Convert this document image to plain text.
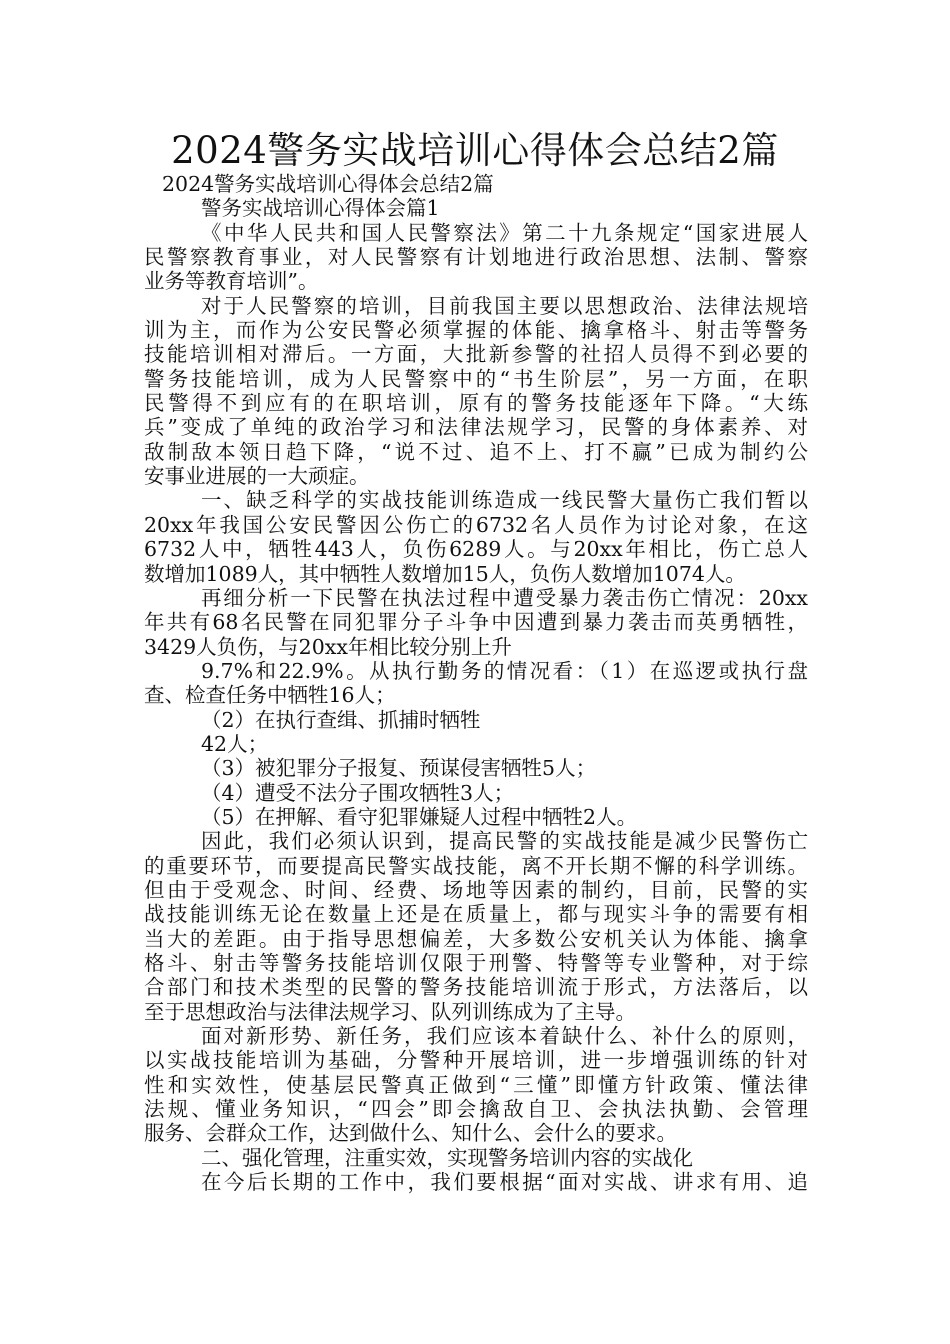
2024警务实战培训心得体会总结2篇
2024警务实战培训心得体会总结2篇
警务实战培训心得体会篇1
《中华人民共和国人民警察法》第二十九条规定“国家进展人
民警察教育事业，对人民警察有计划地进行政治思想、法制、警察
业务等教育培训”。
对于人民警察的培训，目前我国主要以思想政治、法律法规培
训为主，而作为公安民警必须掌握的体能、擒拿格斗、射击等警务
技能培训相对滞后。一方面，大批新参警的社招人员得不到必要的
警务技能培训，成为人民警察中的“书生阶层”，另一方面，在职
民警得不到应有的在职培训，原有的警务技能逐年下降。“大练
兵”变成了单纯的政治学习和法律法规学习，民警的身体素养、对
敌制敌本领日趋下降，“说不过、追不上、打不赢”已成为制约公
安事业进展的一大顽症。
一、缺乏科学的实战技能训练造成一线民警大量伤亡我们暂以
20xx年我国公安民警因公伤亡的6732名人员作为讨论对象，在这
6732人中，牺牲443人，负伤6289人。与20xx年相比，伤亡总人
数增加1089人，其中牺牲人数增加15人，负伤人数增加1074人。
再细分析一下民警在执法过程中遭受暴力袭击伤亡情况：20xx
年共有68名民警在同犯罪分子斗争中因遭到暴力袭击而英勇牺牲，
3429人负伤，与20xx年相比较分别上升
9.7%和22.9%。从执行勤务的情况看：（1）在巡逻或执行盘
查、检查任务中牺牲16人；
（2）在执行查缉、抓捕时牺牲
42人；
（3）被犯罪分子报复、预谋侵害牺牲5人；
（4）遭受不法分子围攻牺牲3人；
（5）在押解、看守犯罪嫌疑人过程中牺牲2人。
因此，我们必须认识到，提高民警的实战技能是减少民警伤亡
的重要环节，而要提高民警实战技能，离不开长期不懈的科学训练。
但由于受观念、时间、经费、场地等因素的制约，目前，民警的实
战技能训练无论在数量上还是在质量上，都与现实斗争的需要有相
当大的差距。由于指导思想偏差，大多数公安机关认为体能、擒拿
格斗、射击等警务技能培训仅限于刑警、特警等专业警种，对于综
合部门和技术类型的民警的警务技能培训流于形式，方法落后，以
至于思想政治与法律法规学习、队列训练成为了主导。
面对新形势、新任务，我们应该本着缺什么、补什么的原则，
以实战技能培训为基础，分警种开展培训，进一步增强训练的针对
性和实效性，使基层民警真正做到“三懂”即懂方针政策、懂法律
法规、懂业务知识，“四会”即会擒敌自卫、会执法执勤、会管理
服务、会群众工作，达到做什么、知什么、会什么的要求。
二、强化管理，注重实效，实现警务培训内容的实战化
在今后长期的工作中，我们要根据“面对实战、讲求有用、追
